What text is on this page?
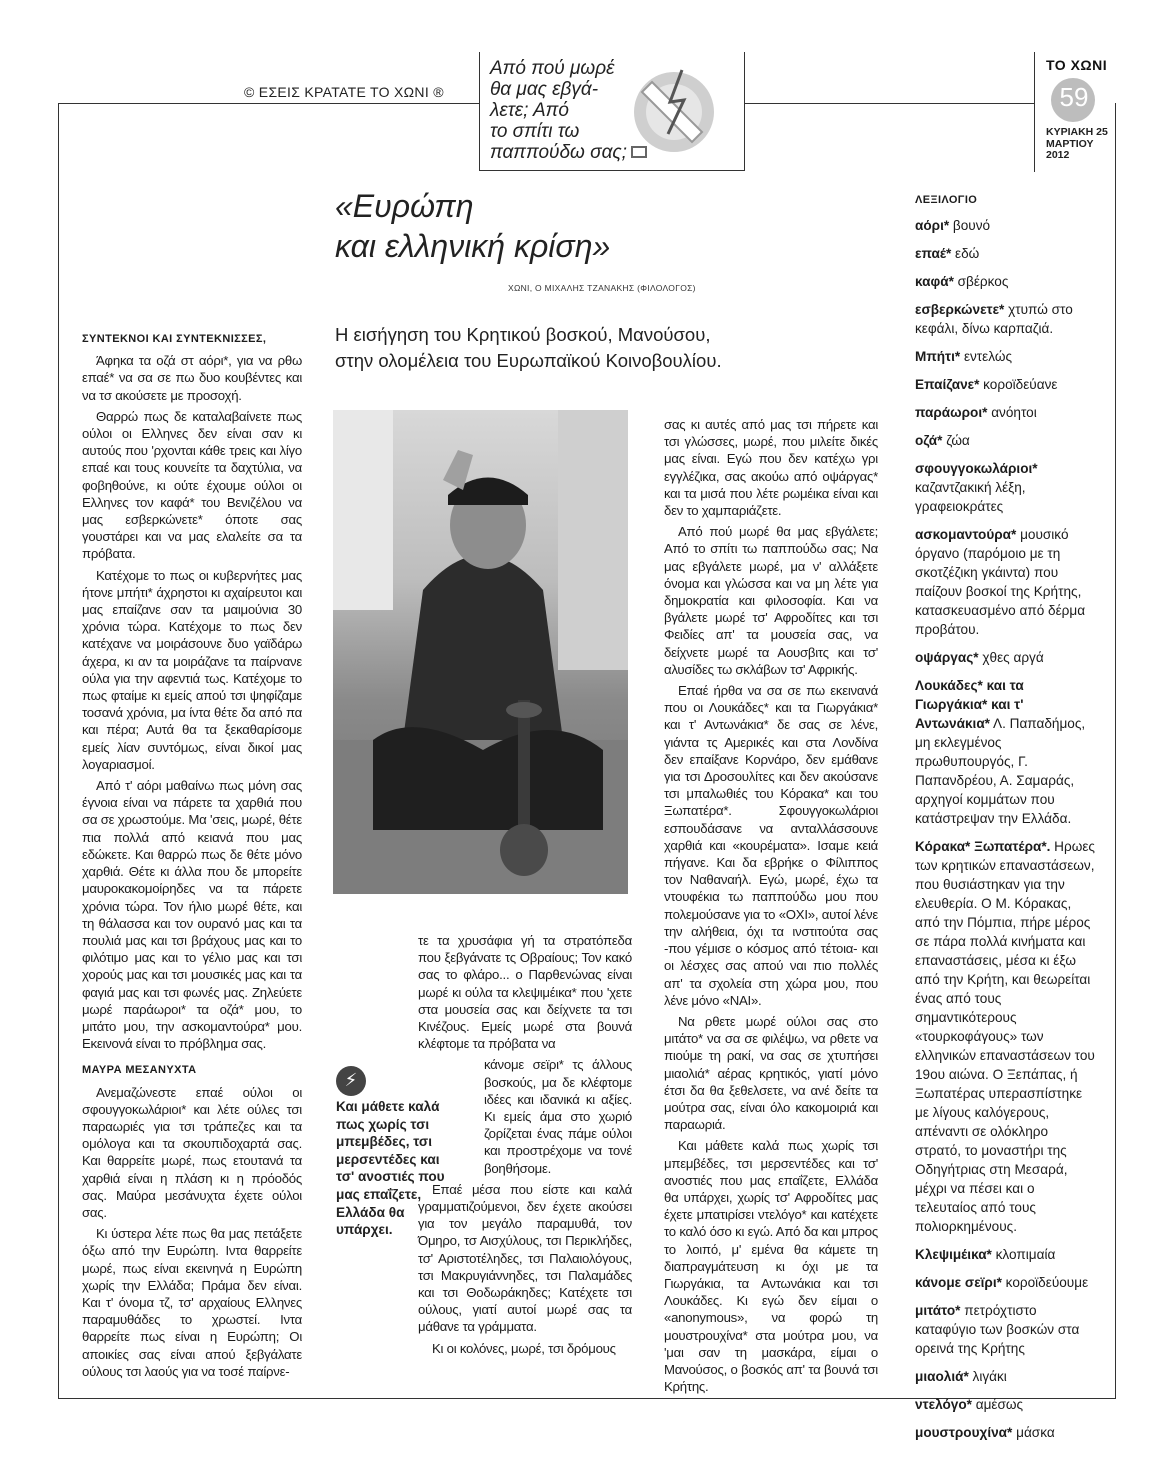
© ΕΣΕΙΣ ΚΡΑΤΑΤΕ ΤΟ ΧΩΝΙ ®
Από πού μωρέ
θα μας εβγά-
λετε; Από
το σπίτι τω
παππούδω σας;
ΤΟ ΧΩΝΙ
59
ΚΥΡΙΑΚΗ 25
ΜΑΡΤΙΟΥ
2012
«Ευρώπη
και ελληνική κρίση»
ΧΩΝΙ, Ο ΜΙΧΑΛΗΣ ΤΖΑΝΑΚΗΣ (ΦΙΛΟΛΟΓΟΣ)
Η εισήγηση του Κρητικού βοσκού, Μανούσου,
στην ολομέλεια του Ευρωπαϊκού Κοινοβουλίου.

ΣΥΝΤΕΚΝΟΙ ΚΑΙ ΣΥΝΤΕΚΝΙΣΣΕΣ,

Άφηκα τα οζά στ αόρι*, για να ρθω επαέ* να σα σε πω δυο κουβέντες και να τσ ακούσετε με προσοχή.

Θαρρώ πως δε καταλαβαίνετε πως ούλοι οι Ελληνες δεν είναι σαν κι αυτούς που 'ρχονται κάθε τρεις και λίγο επαέ και τους κουνείτε τα δαχτύλια, να φοβηθούνε, κι ούτε έχουμε ούλοι οι Ελληνες τον καφά* του Βενιζέλου να μας εσβερκώνετε* όποτε σας γουστάρει και να μας ελαλείτε σα τα πρόβατα.

Κατέχομε το πως οι κυβερνήτες μας ήτονε μπήτι* άχρηστοι κι αχαίρευτοι και μας επαίζανε σαν τα μαιμούνια 30 χρόνια τώρα. Κατέχομε το πως δεν κατέχανε να μοιράσουνε δυο γαϊδάρω άχερα, κι αν τα μοιράζανε τα παίρνανε ούλα για την αφεντιά τως. Κατέχομε το πως φταίμε κι εμείς απού τσι ψηφίζαμε τοσανά χρόνια, μα ίντα θέτε δα από πα και πέρα; Αυτά θα τα ξεκαθαρίσομε εμείς λίαν συντόμως, είναι δικοί μας λογαριασμοί.

Από τ' αόρι μαθαίνω πως μόνη σας έγνοια είναι να πάρετε τα χαρθιά που σα σε χρωστούμε. Μα 'σεις, μωρέ, θέτε πια πολλά από κειανά που μας εδώκετε. Και θαρρώ πως δε θέτε μόνο χαρθιά. Θέτε κι άλλα που δε μπορείτε μαυροκακομοίρηδες να τα πάρετε χρόνια τώρα. Τον ήλιο μωρέ θέτε, και τη θάλασσα και τον ουρανό μας και τα πουλιά μας και τσι βράχους μας και το φιλότιμο μας και το γέλιο μας και τσι χορούς μας και τσι μουσικές μας και τα φαγιά μας και τσι φωνές μας. Ζηλεύετε μωρέ παράωροι* τα οζά* μου, το μιτάτο μου, την ασκομαντούρα* μου. Εκεινονά είναι το πρόβλημα σας.

ΜΑΥΡΑ ΜΕΣΑΝΥΧΤΑ

Ανεμαζώνεστε επαέ ούλοι οι σφουγγοκωλάριοι* και λέτε ούλες τσι παραωριές για τσι τράπεζες και τα ομόλογα και τα σκουπιδοχαρτά σας. Και θαρρείτε μωρέ, πως ετουτανά τα χαρθιά είναι η πλάση κι η πρόοδός σας. Μαύρα μεσάνυχτα έχετε ούλοι σας.

Κι ύστερα λέτε πως θα μας πετάξετε όξω από την Ευρώπη. Ιντα θαρρείτε μωρέ, πως είναι εκεινηνά η Ευρώπη χωρίς την Ελλάδα; Πράμα δεν είναι. Και τ' όνομα τζ, τσ' αρχαίους Ελληνες παραμυθάδες το χρωστεί. Ιντα θαρρείτε πως είναι η Ευρώπη; Οι αποικίες σας είναι απού ξεβγάλατε ούλους τσι λαούς για να τοσέ παίρνε-

τε τα χρυσάφια γή τα στρατόπεδα που ξεβγάνατε τς Οβραίους; Τον κακό σας το φλάρο... ο Παρθενώνας είναι μωρέ κι ούλα τα κλεψιμέικα* που 'χετε στα μουσεία σας και δείχνετε τα τσι Κινέζους. Εμείς μωρέ στα βουνά κλέφτομε τα πρόβατα να

κάνομε σεϊρι* τς άλλους βοσκούς, μα δε κλέφτομε ιδέες και ιδανικά κι αξίες. Κι εμείς άμα στο χωριό ζορίζεται ένας πάμε ούλοι και προστρέχομε να τονέ βοηθήσομε.

Επαέ μέσα που είστε και καλά γραμματιζούμενοι, δεν έχετε ακούσει για τον μεγάλο παραμυθά, τον Όμηρο, τσ Αισχύλους, τσι Περικλήδες, τσ' Αριστοτέληδες, τσι Παλαιολόγους, τσι Μακρυγιάννηδες, τσι Παλαμάδες και τσι Θοδωράκηδες; Κατέχετε τσι ούλους, γιατί αυτοί μωρέ σας τα μάθανε τα γράμματα.

Κι οι κολόνες, μωρέ, τσι δρόμους

⚡
Και μάθετε καλά πως χωρίς τσι μπεμβέδες, τσι μερσεντέδες και τσ' ανοστιές που μας επαΐζετε, Ελλάδα θα υπάρχει.

σας κι αυτές από μας τσι πήρετε και τσι γλώσσες, μωρέ, που μιλείτε δικές μας είναι. Εγώ που δεν κατέχω γρι εγγλέζικα, σας ακούω από οψάργας* και τα μισά που λέτε ρωμέικα είναι και δεν το χαμπαριάζετε.

Από πού μωρέ θα μας εβγάλετε; Από το σπίτι τω παππούδω σας; Να μας εβγάλετε μωρέ, μα ν' αλλάξετε όνομα και γλώσσα και να μη λέτε για δημοκρατία και φιλοσοφία. Και να βγάλετε μωρέ τσ' Αφροδίτες και τσι Φειδίες απ' τα μουσεία σας, να δείχνετε μωρέ τα Αουσβιτς και τσ' αλυσίδες τω σκλάβων τσ' Αφρικής.

Επαέ ήρθα να σα σε πω εκεινανά που οι Λουκάδες* και τα Γιωργάκια* και τ' Αντωνάκια* δε σας σε λένε, γιάντα τς Αμερικές και στα Λονδίνα δεν επαίξανε Κορνάρο, δεν εμάθανε για τσι Δροσουλίτες και δεν ακούσανε τσι μπαλωθιές του Κόρακα* και του Ξωπατέρα*. Σφουγγοκωλάριοι εσπουδάσανε να ανταλλάσσουνε χαρθιά και «κουρέματα». Ισαμε κειά πήγανε. Και δα εβρήκε ο Φίλιππος τον Ναθαναήλ. Εγώ, μωρέ, έχω τα ντουφέκια τω παππούδω μου που πολεμούσανε για το «ΟΧΙ», αυτοί λένε την αλήθεια, όχι τα ινστιτούτα σας -που γέμισε ο κόσμος από τέτοια- και οι λέσχες σας απού ναι πιο πολλές απ' τα σχολεία στη χώρα μου, που λένε μόνο «ΝΑΙ».

Να ρθετε μωρέ ούλοι σας στο μιτάτο* να σα σε φιλέψω, να ρθετε να πιούμε τη ρακί, να σας σε χτυπήσει μιαολιά* αέρας κρητικός, γιατί μόνο έτσι δα θα ξεθελσετε, να ανέ δείτε τα μούτρα σας, είναι όλο κακομοιριά και παραωριά.

Και μάθετε καλά πως χωρίς τσι μπεμβέδες, τσι μερσεντέδες και τσ' ανοστιές που μας επαΐζετε, Ελλάδα θα υπάρχει, χωρίς τσ' Αφροδίτες μας έχετε μπατιρίσει ντελόγο* και κατέχετε το καλό όσο κι εγώ. Από δα και μπρος το λοιπό, μ' εμένα θα κάμετε τη διαπραγμάτευση κι όχι με τα Γιωργάκια, τα Αντωνάκια και τσι Λουκάδες. Κι εγώ δεν είμαι ο «anonymous», να φορώ τη μουστρουχίνα* στα μούτρα μου, να 'μαι σαν τη μασκάρα, είμαι ο Μανούσος, ο βοσκός απ' τα βουνά τσι Κρήτης.

ΛΕΞΙΛΟΓΙΟ
αόρι* βουνό
επαέ* εδώ
καφά* σβέρκος
εσβερκώνετε* χτυπώ στο κεφάλι, δίνω καρπαζιά.
Μπήτι* εντελώς
Επαίζανε* κοροϊδεύανε
παράωροι* ανόητοι
οζά* ζώα
σφουγγοκωλάριοι* καζαντζακική λέξη, γραφειοκράτες
ασκομαντούρα* μουσικό όργανο (παρόμοιο με τη σκοτζέζικη γκάιντα) που παίζουν βοσκοί της Κρήτης, κατασκευασμένο από δέρμα προβάτου.
οψάργας* χθες αργά
Λουκάδες* και τα Γιωργάκια* και τ' Αντωνάκια* Λ. Παπαδήμος, μη εκλεγμένος πρωθυπουργός, Γ. Παπανδρέου, Α. Σαμαράς, αρχηγοί κομμάτων που κατάστρεψαν την Ελλάδα.
Κόρακα* Ξωπατέρα*. Ηρωες των κρητικών επαναστάσεων, που θυσιάστηκαν για την ελευθερία. Ο Μ. Κόρακας, από την Πόμπια, πήρε μέρος σε πάρα πολλά κινήματα και επαναστάσεις, μέσα κι έξω από την Κρήτη, και θεωρείται ένας από τους σημαντικότερους «τουρκοφάγους» των ελληνικών επαναστάσεων του 19ου αιώνα. Ο Ξεπάπας, ή Ξωπατέρας υπερασπίστηκε με λίγους καλόγερους, απέναντι σε ολόκληρο στρατό, το μοναστήρι της Οδηγήτριας στη Μεσαρά, μέχρι να πέσει και ο τελευταίος από τους πολιορκημένους.
Κλεψιμέικα* κλοπιμαία
κάνομε σεϊρι* κοροϊδεύουμε
μιτάτο* πετρόχτιστο καταφύγιο των βοσκών στα ορεινά της Κρήτης
μιαολιά* λιγάκι
ντελόγο* αμέσως
μουστρουχίνα* μάσκα
